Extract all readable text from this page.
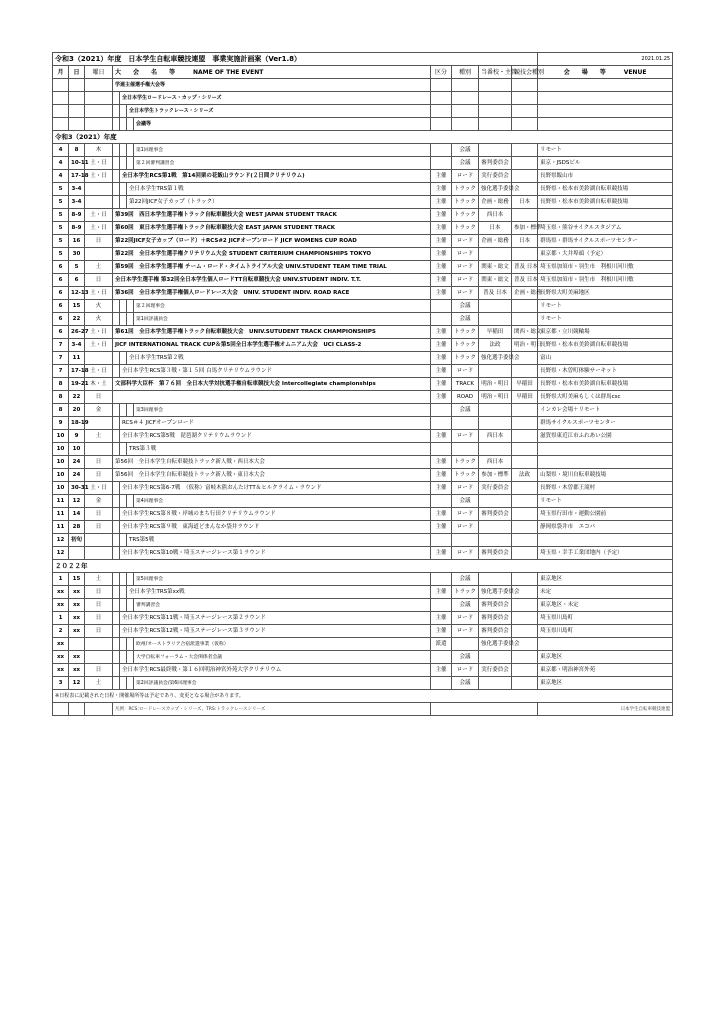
令和3（2021）年度　日本学生自転車競技連盟　事業実施計画案（Ver1.8）											2021.01.25
月	日	曜日	大　　会　　名　　等　　　NAME OF THE EVENT				区分	種別	当番校・主管	競技会種別	会　　場　　等　　　VENUE
			学連主催選手権大会等								
				全日本学生ロードレース・カップ・シリーズ							
					全日本学生トラックレース・シリーズ						
						会議等					
令和3（2021）年度											
4	8	木				第1回理事会		会議			リモート
4	10-11	土・日				第２回審判講習会		会議	審判委員会		東京・JSDSビル
4	17-18	土・日		全日本学生RCS第1戦　第14回栗の花飯山ラウンド(２日間クリテリウム)			主催	ロード	実行委員会		長野県飯山市
5	3-4				全日本学生TRS第１戦		主催	トラック	強化選手委員会		長野県・松本市美鈴湖自転車競技場
5	3-4				第22回JICF女子カップ（トラック）		主催	トラック	企画・総務	日本	長野県・松本市美鈴湖自転車競技場
5	8-9	土・日	第39回　西日本学生選手権トラック自転車競技大会 WEST JAPAN STUDENT TRACK				主催	トラック	西日本		
5	8-9	土・日	第60回　東日本学生選手権トラック自転車競技大会 EAST JAPAN STUDENT TRACK				主催	トラック	日本	参加・標準	埼玉県・熊谷サイクルスタジアム
5	16	日	第22回JICF女子カップ（ロード）＋RCS#2 JICFオープンロード JICF WOMENS CUP ROAD				主催	ロード	企画・総務	日本	群馬県・群馬サイクルスポーツセンター
5	30		第22回　全日本学生選手権クリテリウム大会 STUDENT CRITERIUM CHAMPIONSHIPS TOKYO				主催	ロード			東京都・大井埠頭（予定）
6	5	土	第59回　全日本学生選手権 チーム・ロード・タイムトライアル大会 UNIV.STUDENT TEAM TIME TRIAL				主催	ロード	関東・総文	普及 日本	埼玉県加須市・羽生市　利根川河川敷
6	6	日	全日本学生選手権 第32回全日本学生個人ロードTT自転車競技大会 UNIV.STUDENT INDIV. T.T.				主催	ロード	関東・総文	普及 日本	埼玉県加須市・羽生市　利根川河川敷
6	12-13	土・日	第36回　全日本学生選手権個人ロードレース大会　UNIV. STUDENT INDIV. ROAD RACE				主催	ロード	普及 日本	企画・総務	長野県大町美麻地区
6	15	火				第２回理事会		会議			リモート
6	22	火				第1回評議員会		会議			リモート
6	26-27	土・日	第61回　全日本学生選手権トラック自転車競技大会　UNIV.SUTUDENT TRACK CHAMPIONSHIPS				主催	トラック	早稲田	関西・総文	東京都・立川競輪場
7	3-4	土・日	JICF INTERNATIONAL TRACK CUP＆第5回全日本学生選手権オムニアム大会　UCI CLASS-2				主催	トラック	法政	明治・明日	長野県・松本市美鈴湖自転車競技場
7	11				全日本学生TRS第２戦		主催	トラック	強化選手委員会		富山
7	17-18	土・日		全日本学生RCS第３戦・第１５回 白馬クリテリウムラウンド			主催	ロード			長野県・木曽町体験サーキット
8	19-21	木・土	文部科学大臣杯　第７６回　全日本大学対抗選手権自転車競技大会 Intercollegiate championships				主催	TRACK	明治・明日	早稲田	長野県・松本市美鈴湖自転車競技場
8	22	日					主催	ROAD	明治・明日	早稲田	長野県大町美麻もしくは群馬csc
8	20	金				第3回理事会		会議			インカレ会場＋リモート
9	18-19			RCS＃４ JICFオープンロード							群馬サイクルスポーツセンター
10	9	土		全日本学生RCS第5戦　琵琶湖クリテリウムラウンド			主催	ロード	西日本		滋賀県東近江市ふれあい公園
10	10				TRS第３戦						
10	24	日	第56回　全日本学生自転車競技トラック新人戦・西日本大会				主催	トラック	西日本		
10	24	日	第56回　全日本学生自転車競技トラック新人戦・東日本大会				主催	トラック	参加・標準	法政	山梨県・境川自転車競技場
10	30-31	土・日		全日本学生RCS第6-7戦　（仮称）富岐木熊おんたけTT＆ヒルクライム・ラウンド			主催	ロード	実行委員会		長野県・木曽郡王滝村
11	12	金				第4回理事会		会議			リモート
11	14	日		全日本学生RCS第８戦・岸城のまち行田クリテリウムラウンド			主催	ロード	審判委員会		埼玉県行田市・運動公園前
11	28	日		全日本学生RCS第９戦　東海道どまんなか袋井ラウンド			主催	ロード			静岡県袋井市　エコパ
12	初旬				TRS第5戦						
12				全日本学生RCS第10戦・埼玉ステージレース第１ラウンド			主催	ロード	審判委員会		埼玉県・幸手工業団地内（予定）
２０２２年											
1	15	土				第5回理事会		会議			東京地区
xx	xx	日			全日本学生TRS第xx戦		主催	トラック	強化選手委員会		未定
xx	xx	日				審判講習会		会議	審判委員会		東京地区・未定
1	xx	日		全日本学生RCS第11戦・埼玉ステージレース第２ラウンド			主催	ロード	審判委員会		埼玉県川島町
2	xx	日		全日本学生RCS第12戦・埼玉ステージレース第３ラウンド			主催	ロード	審判委員会		埼玉県川島町
xx						欧州/オーストラリア合宿派遣事業（仮称）	派遣		強化選手委員会		
xx	xx					大学自転車フォーラム・大会関係者会議		会議			東京地区
xx	xx	日		全日本学生RCS最終戦・第１６回明治神宮外苑大学クリテリウム			主催	ロード	実行委員会		東京都・明治神宮外苑
3	12	土				第2回評議員会/第6回理事会		会議			東京地区
※日程表に記載された日程・開催場所等は予定であり、変更となる場合があります。											
			凡例：RCS:ロードレースカップ・シリーズ、TRS:トラックレースシリーズ								日本学生自転車競技連盟
